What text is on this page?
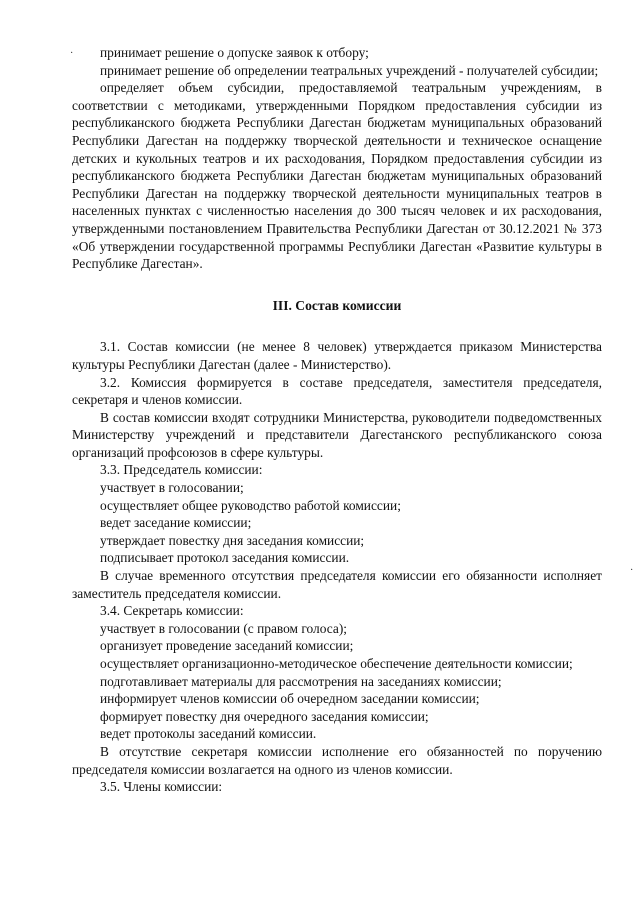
·
·

принимает решение о допуске заявок к отбору;

принимает решение об определении театральных учреждений - получателей субсидии;

определяет объем субсидии, предоставляемой театральным учреждениям, в соответствии с методиками, утвержденными Порядком предоставления субсидии из республиканского бюджета Республики Дагестан бюджетам муниципальных образований Республики Дагестан на поддержку творческой деятельности и техническое оснащение детских и кукольных театров и их расходования, Порядком предоставления субсидии из республиканского бюджета Республики Дагестан бюджетам муниципальных образований Республики Дагестан на поддержку творческой деятельности муниципальных театров в населенных пунктах с численностью населения до 300 тысяч человек и их расходования, утвержденными постановлением Правительства Республики Дагестан от 30.12.2021 № 373 «Об утверждении государственной программы Республики Дагестан «Развитие культуры в Республике Дагестан».

III. Состав комиссии

3.1. Состав комиссии (не менее 8 человек) утверждается приказом Министерства культуры Республики Дагестан (далее - Министерство).

3.2. Комиссия формируется в составе председателя, заместителя председателя, секретаря и членов комиссии.

В состав комиссии входят сотрудники Министерства, руководители подведомственных Министерству учреждений и представители Дагестанского республиканского союза организаций профсоюзов в сфере культуры.

3.3. Председатель комиссии:

участвует в голосовании;

осуществляет общее руководство работой комиссии;

ведет заседание комиссии;

утверждает повестку дня заседания комиссии;

подписывает протокол заседания комиссии.

В случае временного отсутствия председателя комиссии его обязанности исполняет заместитель председателя комиссии.

3.4. Секретарь комиссии:

участвует в голосовании (с правом голоса);

организует проведение заседаний комиссии;

осуществляет организационно-методическое обеспечение деятельности комиссии;

подготавливает материалы для рассмотрения на заседаниях комиссии;

информирует членов комиссии об очередном заседании комиссии;

формирует повестку дня очередного заседания комиссии;

ведет протоколы заседаний комиссии.

В отсутствие секретаря комиссии исполнение его обязанностей по поручению председателя комиссии возлагается на одного из членов комиссии.

3.5. Члены комиссии:
